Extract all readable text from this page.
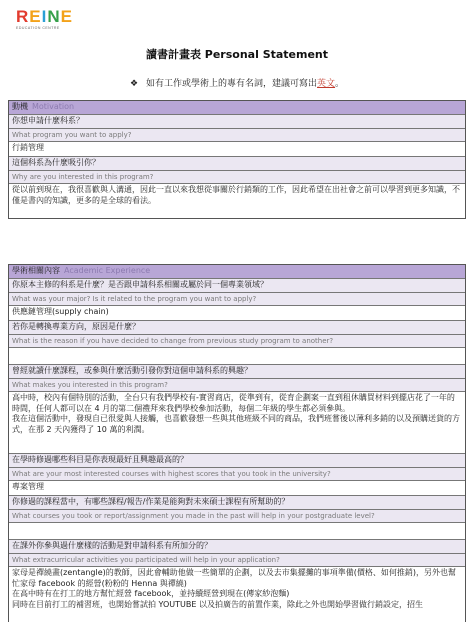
R E I N E
EDUCATION CENTRE
讀書計畫表 Personal Statement
❖ 如有工作或學術上的專有名詞，建議可寫出英文。
動機 Motivation
你想申請什麼科系？
What program you want to apply?
行銷管理
這個科系為什麼吸引你？
Why are you interested in this program?
從以前到現在，我很喜歡與人溝通，因此一直以來我想從事關於行銷類的工作，因此希望在出社會之前可以學習到更多知識，不僅是書內的知識，更多的是全球的看法。
學術相關內容 Academic Experience
你原本主修的科系是什麼？是否跟申請科系相關或屬於同一個專業領域？
What was your major? Is it related to the program you want to apply?
供應鏈管理(supply chain)
若你是轉換專業方向，原因是什麼？
What is the reason if you have decided to change from previous study program to another?
曾經就讀什麼課程，或參與什麼活動引發你對這個申請科系的興趣？
What makes you interested in this program?
高中時，校內有個特別的活動，全台只有我們學校有-實習商店，從準到有，從育企劃案一直到租休購買材料到擺店花了一年的時間，任何人都可以在 4 月的第二個禮拜來我們學校參加活動，每個二年級的學生都必須參與。
我在這個活動中，發現自已很愛與人接觸，也喜歡發想一些與其他班級不同的商品，我們班嘗後以薄利多銷的以及預購送貨的方式，在那 2 天內獲得了 10 萬的利潤。
在學時修過哪些科目是你表現最好且興趣最高的？
What are your most interested courses with highest scores that you took in the university?
專案管理
你修過的課程當中，有哪些課程/報告/作業是能夠對未來碩士課程有所幫助的？
What courses you took or report/assignment you made in the past will help in your postgraduate level?
在課外你參與過什麼樣的活動是對申請科系有所加分的？
What extracurricular activities you participated will help in your application?
家母是禪繞畫(zentangle)的教師，因此會輔助他做一些簡單的企劃，以及去市集擺攤的事項準備(價格、如何推銷)，另外也幫忙家母 facebook 的經營(粉粉的 Henna 與禪繞)
在高中時有在打工的地方幫忙經營 facebook，並持續經營到現在(傳家紗泡麵)
同時在目前打工的補習班，也開始嘗試拍 YOUTUBE 以及拍廣告的前置作業，除此之外也開始學習做行銷設定，招生
